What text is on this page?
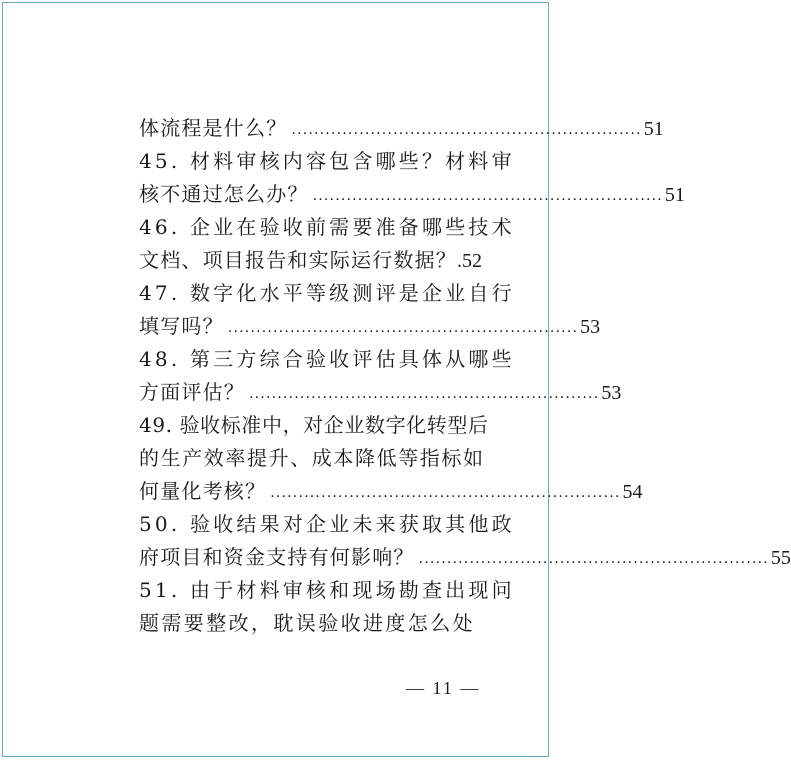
体流程是什么？ .............................................................. 51
45. 材料审核内容包含哪些？材料审
核不通过怎么办？ .............................................................. 51
46. 企业在验收前需要准备哪些技术
文档、项目报告和实际运行数据？ .52
47. 数字化水平等级测评是企业自行
填写吗？ .............................................................. 53
48. 第三方综合验收评估具体从哪些
方面评估？ .............................................................. 53
49. 验收标准中，对企业数字化转型后
的生产效率提升、成本降低等指标如
何量化考核？ .............................................................. 54
50. 验收结果对企业未来获取其他政
府项目和资金支持有何影响？ .............................................................. 55
51. 由于材料审核和现场勘查出现问
题需要整改，耽误验收进度怎么处
— 11 —
